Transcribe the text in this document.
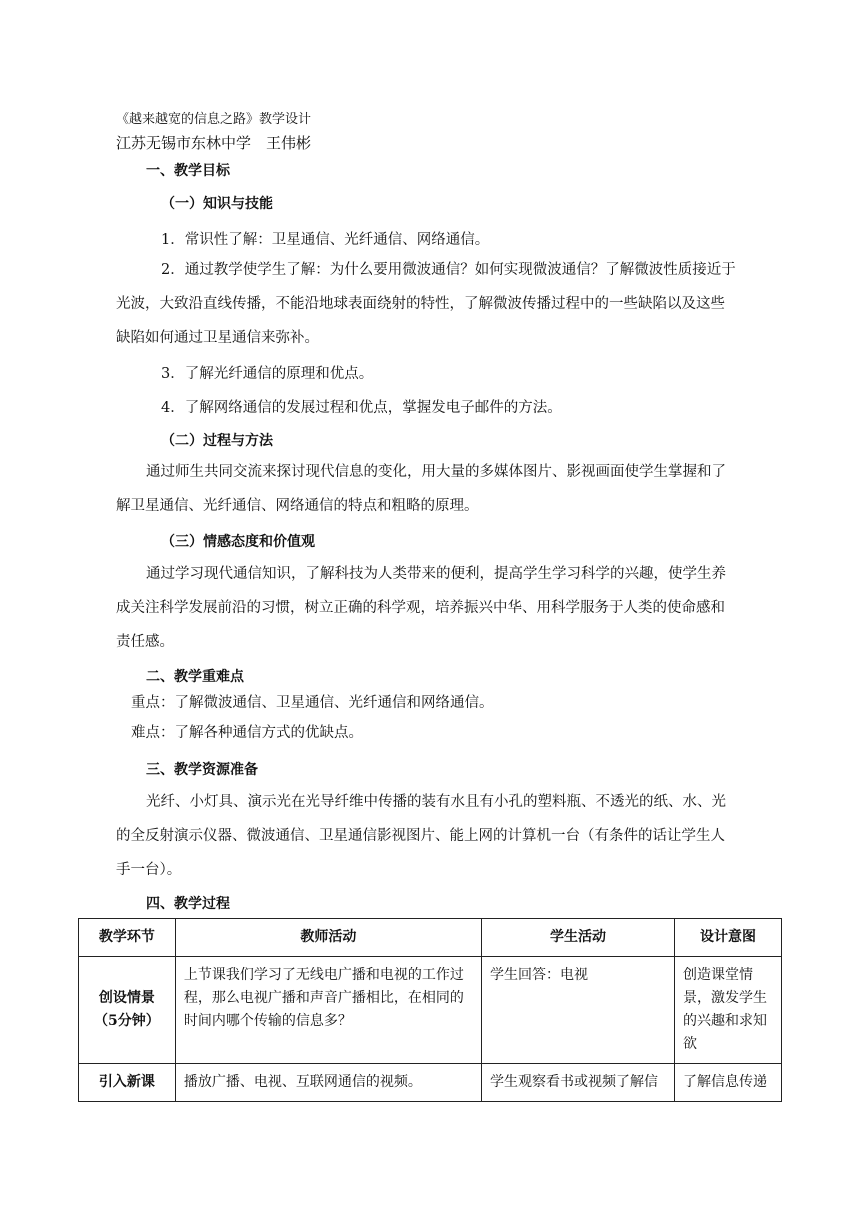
《越来越宽的信息之路》教学设计
江苏无锡市东林中学　王伟彬
一、教学目标
（一）知识与技能
1．常识性了解：卫星通信、光纤通信、网络通信。
2．通过教学使学生了解：为什么要用微波通信？如何实现微波通信？了解微波性质接近于光波，大致沿直线传播，不能沿地球表面绕射的特性，了解微波传播过程中的一些缺陷以及这些缺陷如何通过卫星通信来弥补。
3．了解光纤通信的原理和优点。
4．了解网络通信的发展过程和优点，掌握发电子邮件的方法。
（二）过程与方法
通过师生共同交流来探讨现代信息的变化，用大量的多媒体图片、影视画面使学生掌握和了解卫星通信、光纤通信、网络通信的特点和粗略的原理。
（三）情感态度和价值观
通过学习现代通信知识，了解科技为人类带来的便利，提高学生学习科学的兴趣，使学生养成关注科学发展前沿的习惯，树立正确的科学观，培养振兴中华、用科学服务于人类的使命感和责任感。
二、教学重难点
重点：了解微波通信、卫星通信、光纤通信和网络通信。
难点：了解各种通信方式的优缺点。
三、教学资源准备
光纤、小灯具、演示光在光导纤维中传播的装有水且有小孔的塑料瓶、不透光的纸、水、光的全反射演示仪器、微波通信、卫星通信影视图片、能上网的计算机一台（有条件的话让学生人手一台）。
四、教学过程
教学环节	教师活动	学生活动	设计意图

创设情景
（5分钟）	上节课我们学习了无线电广播和电视的工作过程，那么电视广播和声音广播相比，在相同的时间内哪个传输的信息多？	学生回答：电视	创造课堂情景，激发学生的兴趣和求知欲

引入新课	播放广播、电视、互联网通信的视频。	学生观察看书或视频了解信	了解信息传递
